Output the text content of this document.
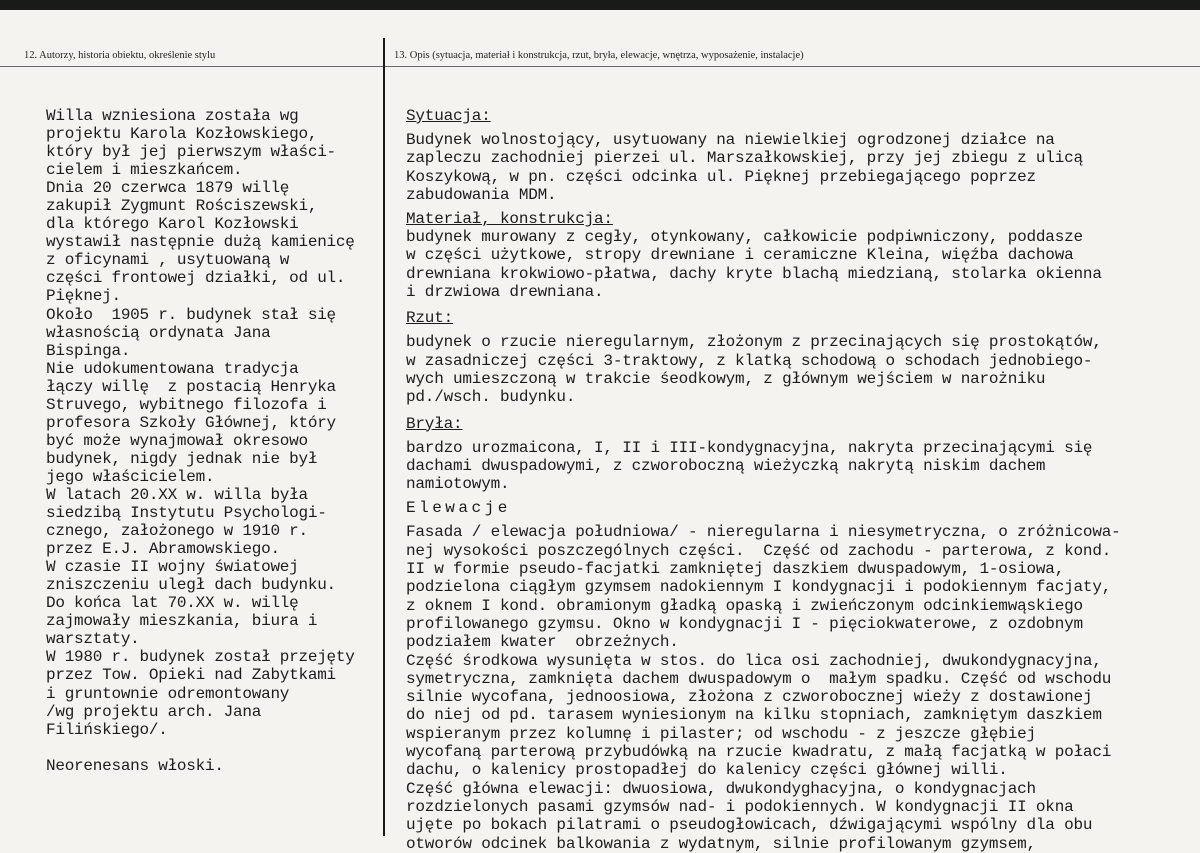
12. Autorzy, historia obiektu, określenie stylu	13. Opis (sytuacja, materiał i konstrukcja, rzut, bryła, elewacje, wnętrza, wyposażenie, instalacje)
Willa wzniesiona została wg
projektu Karola Kozłowskiego,
który był jej pierwszym właści-
cielem i mieszkańcem.
Dnia 20 czerwca 1879 willę
zakupił Zygmunt Rościszewski,
dla którego Karol Kozłowski
wystawił następnie dużą kamienicę
z oficynami , usytuowaną w
części frontowej działki, od ul.
Pięknej.
Około  1905 r. budynek stał się
własnością ordynata Jana
Bispinga.
Nie udokumentowana tradycja
łączy willę  z postacią Henryka
Struvego, wybitnego filozofa i
profesora Szkoły Głównej, który
być może wynajmował okresowo
budynek, nigdy jednak nie był
jego właścicielem.
W latach 20.XX w. willa była
siedzibą Instytutu Psychologi-
cznego, założonego w 1910 r.
przez E.J. Abramowskiego.
W czasie II wojny światowej
zniszczeniu uległ dach budynku.
Do końca lat 70.XX w. willę
zajmowały mieszkania, biura i
warsztaty.
W 1980 r. budynek został przejęty
przez Tow. Opieki nad Zabytkami
i gruntownie odremontowany
/wg projektu arch. Jana
Filińskiego/.
Neorenesans włoski.
Sytuacja:
Budynek wolnostojący, usytuowany na niewielkiej ogrodzonej działce na
zapleczu zachodniej pierzei ul. Marszałkowskiej, przy jej zbiegu z ulicą
Koszykową, w pn. części odcinka ul. Pięknej przebiegającego poprzez
zabudowania MDM.
Materiał, konstrukcja:
budynek murowany z cegły, otynkowany, całkowicie podpiwniczony, poddasze
w części użytkowe, stropy drewniane i ceramiczne Kleina, więźba dachowa
drewniana krokwiowo-płatwa, dachy kryte blachą miedzianą, stolarka okienna
i drzwiowa drewniana.
Rzut:
budynek o rzucie nieregularnym, złożonym z przecinających się prostokątów,
w zasadniczej części 3-traktowy, z klatką schodową o schodach jednobiego-
wych umieszczoną w trakcie śeodkowym, z głównym wejściem w narożniku
pd./wsch. budynku.
Bryła:
bardzo urozmaicona, I, II i III-kondygnacyjna, nakryta przecinającymi się
dachami dwuspadowymi, z czworoboczną wieżyczką nakrytą niskim dachem
namiotowym.
Elewacje
Fasada / elewacja południowa/ - nieregularna i niesymetryczna, o zróżnicowa-
nej wysokości poszczególnych części.  Część od zachodu - parterowa, z kond.
II w formie pseudo-facjatki zamkniętej daszkiem dwuspadowym, 1-osiowa,
podzielona ciągłym gzymsem nadokiennym I kondygnacji i podokiennym facjaty,
z oknem I kond. obramionym gładką opaską i zwieńczonym odcinkiemwąskiego
profilowanego gzymsu. Okno w kondygnacji I - pięciokwaterowe, z ozdobnym
podziałem kwater  obrzeżnych.
Część środkowa wysunięta w stos. do lica osi zachodniej, dwukondygnacyjna,
symetryczna, zamknięta dachem dwuspadowym o  małym spadku. Część od wschodu
silnie wycofana, jednoosiowa, złożona z czworobocznej wieży z dostawionej
do niej od pd. tarasem wyniesionym na kilku stopniach, zamkniętym daszkiem
wspieranym przez kolumnę i pilaster; od wschodu - z jeszcze głębiej
wycofaną parterową przybudówką na rzucie kwadratu, z małą facjatką w połaci
dachu, o kalenicy prostopadłej do kalenicy części głównej willi.
Część główna elewacji: dwuosiowa, dwukondyghacyjna, o kondygnacjach
rozdzielonych pasami gzymsów nad- i podokiennych. W kondygnacji II okna
ujęte po bokach pilatrami o pseudogłowicach, dźwigającymi wspólny dla obu
otworów odcinek balkowania z wydatnym, silnie profilowanym gzymsem,
